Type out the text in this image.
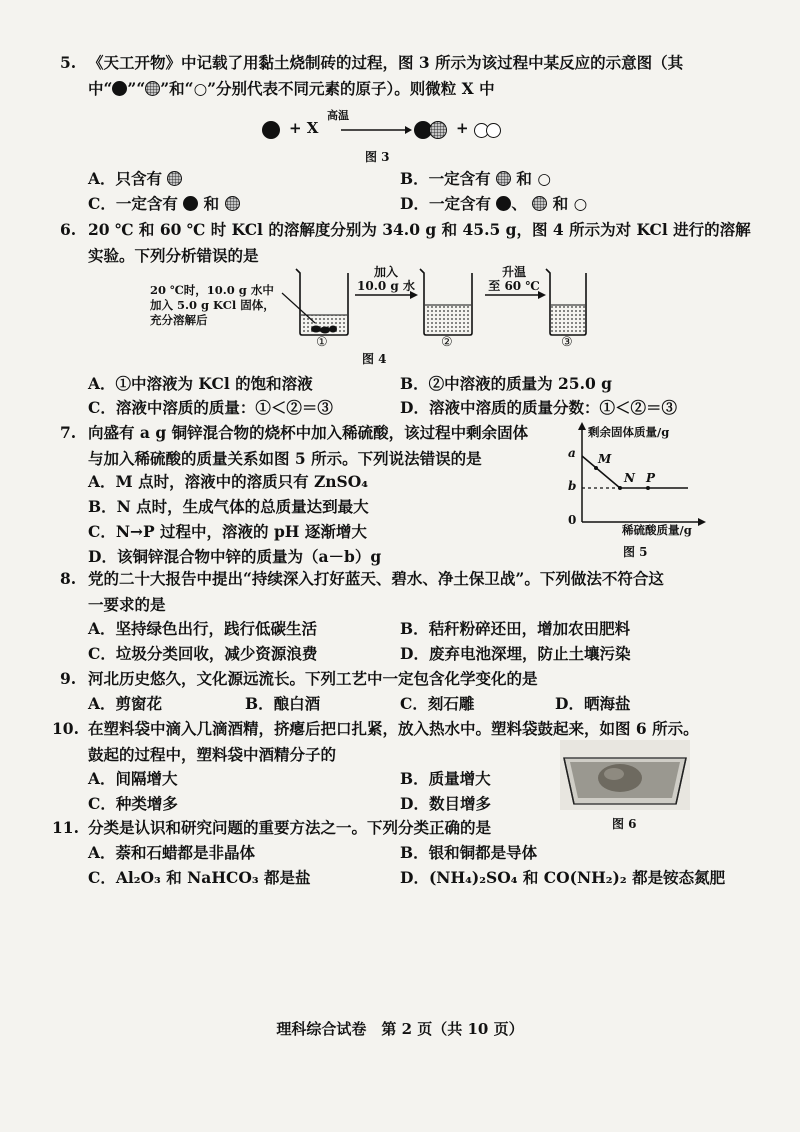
5. 《天工开物》中记载了用黏土烧制砖的过程，图 3 所示为该过程中某反应的示意图（其
中“ ”“ ”和“○”分别代表不同元素的原子）。则微粒 X 中
+ X
高温
+
图 3
A．只含有	B．一定含有 和 ○
C．一定含有 和	D．一定含有 、 和 ○
6. 20 ℃ 和 60 ℃ 时 KCl 的溶解度分别为 34.0 g 和 45.5 g，图 4 所示为对 KCl 进行的溶解
实验。下列分析错误的是
20 ℃时，10.0 g 水中
加入 5.0 g KCl 固体，
充分溶解后
加入
10.0 g 水
升温
至 60 ℃
①	②	③
图 4
A．①中溶液为 KCl 的饱和溶液	B．②中溶液的质量为 25.0 g
C．溶液中溶质的质量：①＜②＝③	D．溶液中溶质的质量分数：①＜②＝③
7. 向盛有 a g 铜锌混合物的烧杯中加入稀硫酸，该过程中剩余固体
与加入稀硫酸的质量关系如图 5 所示。下列说法错误的是
A．M 点时，溶液中的溶质只有 ZnSO₄
B．N 点时，生成气体的总质量达到最大
C．N→P 过程中，溶液的 pH 逐渐增大
D．该铜锌混合物中锌的质量为（a－b）g
剩余固体质量/g
稀硫酸质量/g
a
b
0
M
N P
图 5
8. 党的二十大报告中提出“持续深入打好蓝天、碧水、净土保卫战”。下列做法不符合这
一要求的是
A．坚持绿色出行，践行低碳生活	B．秸秆粉碎还田，增加农田肥料
C．垃圾分类回收，减少资源浪费	D．废弃电池深埋，防止土壤污染
9. 河北历史悠久，文化源远流长。下列工艺中一定包含化学变化的是
A．剪窗花	B．酿白酒	C．刻石雕	D．晒海盐
10. 在塑料袋中滴入几滴酒精，挤瘪后把口扎紧，放入热水中。塑料袋鼓起来，如图 6 所示。
鼓起的过程中，塑料袋中酒精分子的
A．间隔增大	B．质量增大
C．种类增多	D．数目增多
图 6
11. 分类是认识和研究问题的重要方法之一。下列分类正确的是
A．萘和石蜡都是非晶体	B．银和铜都是导体
C．Al₂O₃ 和 NaHCO₃ 都是盐	D．(NH₄)₂SO₄ 和 CO(NH₂)₂ 都是铵态氮肥
理科综合试卷　第 2 页（共 10 页）
